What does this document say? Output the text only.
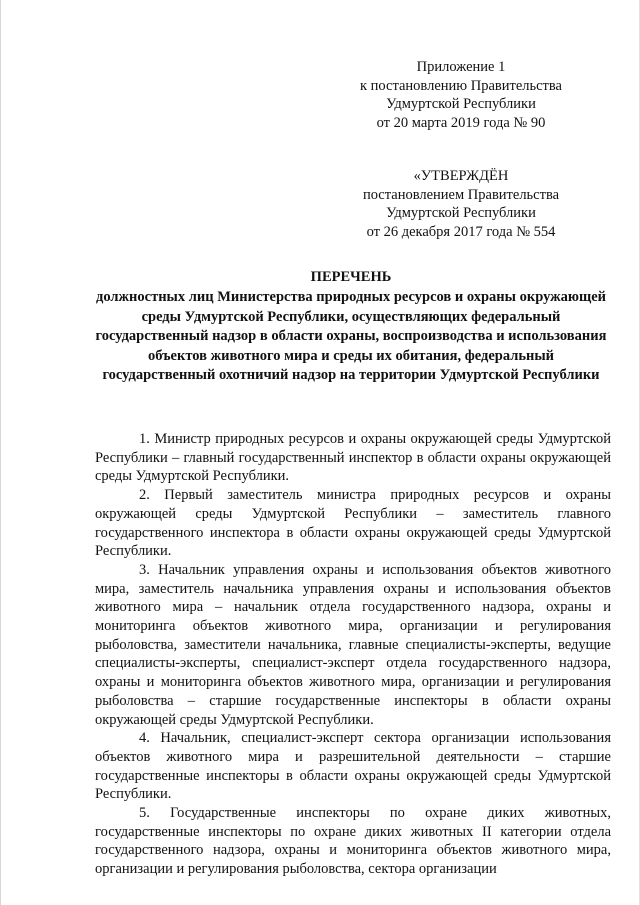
Приложение 1
к постановлению Правительства
Удмуртской Республики
от 20 марта 2019 года № 90
«УТВЕРЖДЁН
постановлением Правительства
Удмуртской Республики
от 26 декабря 2017 года № 554
ПЕРЕЧЕНЬ
должностных лиц Министерства природных ресурсов и охраны окружающей среды Удмуртской Республики, осуществляющих федеральный государственный надзор в области охраны, воспроизводства и использования объектов животного мира и среды их обитания, федеральный государственный охотничий надзор на территории Удмуртской Республики

1. Министр природных ресурсов и охраны окружающей среды Удмуртской Республики – главный государственный инспектор в области охраны окружающей среды Удмуртской Республики.

2. Первый заместитель министра природных ресурсов и охраны окружающей среды Удмуртской Республики – заместитель главного государственного инспектора в области охраны окружающей среды Удмуртской Республики.

3. Начальник управления охраны и использования объектов животного мира, заместитель начальника управления охраны и использования объектов животного мира – начальник отдела государственного надзора, охраны и мониторинга объектов животного мира, организации и регулирования рыболовства, заместители начальника, главные специалисты-эксперты, ведущие специалисты-эксперты, специалист-эксперт отдела государственного надзора, охраны и мониторинга объектов животного мира, организации и регулирования рыболовства – старшие государственные инспекторы в области охраны окружающей среды Удмуртской Республики.

4. Начальник, специалист-эксперт сектора организации использования объектов животного мира и разрешительной деятельности – старшие государственные инспекторы в области охраны окружающей среды Удмуртской Республики.

5. Государственные инспекторы по охране диких животных, государственные инспекторы по охране диких животных II категории отдела государственного надзора, охраны и мониторинга объектов животного мира, организации и регулирования рыболовства, сектора организации
